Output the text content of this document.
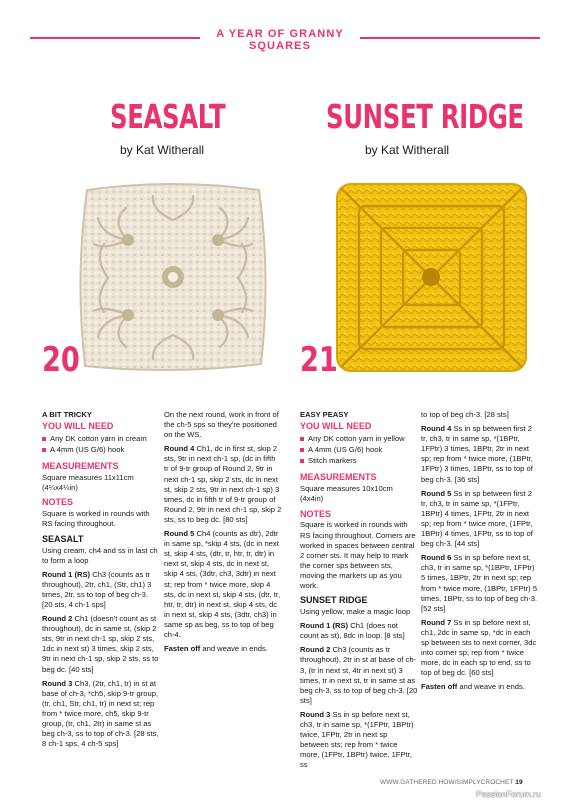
A YEAR OF GRANNY SQUARES
SEASALT
by Kat Witherall
SUNSET RIDGE
by Kat Witherall
20	21
A BIT TRICKY
YOU WILL NEED
Any DK cotton yarn in cream
A 4mm (US G/6) hook
MEASUREMENTS

Square measures 11x11cm (4¼x4¼in)

NOTES

Square is worked in rounds with RS facing throughout.

SEASALT

Using cream, ch4 and ss in last ch to form a loop

Round 1 (RS) Ch3 (counts as tr throughout), 2tr, ch1, (Str, ch1) 3 times, 2tr, ss to top of beg ch-3. [20 sts, 4 ch-1 sps]

Round 2 Ch1 (doesn't count as st throughout), dc in same st, (skip 2 sts, 9tr in next ch-1 sp, skip 2 sts, 1dc in next st) 3 times, skip 2 sts, 9tr in next ch-1 sp, skip 2 sts, ss to beg dc. [40 sts]

Round 3 Ch3, (2tr, ch1, tr) in st at base of ch-3, *ch5, skip 9-tr group, (tr, ch1, Str, ch1, tr) in next st; rep from * twice more, ch5, skip 9-tr group, (tr, ch1, 2tr) in same st as beg ch-3, ss to top of ch-3. [28 sts, 8 ch-1 sps, 4 ch-5 sps]

On the next round, work in front of the ch-5 sps so they're positioned on the WS.

Round 4 Ch1, dc in first st, skip 2 sts, 9tr in next ch-1 sp, (dc in fifth tr of 9-tr group of Round 2, 9tr in next ch-1 sp, skip 2 sts, dc in next st, skip 2 sts, 9tr in next ch-1 sp) 3 times, dc in fifth tr of 9-tr group of Round 2, 9tr in next ch-1 sp, skip 2 sts, ss to beg dc. [80 sts]

Round 5 Ch4 (counts as dtr), 2dtr in same sp, *skip 4 sts, (dc in next st, skip 4 sts, (dtr, tr, htr, tr, dtr) in next st, skip 4 sts, dc in next st, skip 4 sts, (3dtr, ch3, 3dtr) in next st; rep from * twice more, skip 4 sts, dc in next st, skip 4 sts, (dtr, tr, htr, tr, dtr) in next st, skip 4 sts, dc in next st, skip 4 sts, (3dtr, ch3) in same sp as beg, ss to top of beg ch-4.

Fasten off and weave in ends.

EASY PEASY
YOU WILL NEED
Any DK cotton yarn in yellow
A 4mm (US G/6) hook
Stitch markers
MEASUREMENTS

Square measures 10x10cm (4x4in)

NOTES

Square is worked in rounds with RS facing throughout. Corners are worked in spaces between central 2 corner sts. It may help to mark the corner sps between sts, moving the markers up as you work.

SUNSET RIDGE

Using yellow, make a magic loop

Round 1 (RS) Ch1 (does not count as st), 8dc in loop. [8 sts]

Round 2 Ch3 (counts as tr throughout), 2tr in st at base of ch-3, (tr in next st, 4tr in next st) 3 times, tr in next st, tr in same st as beg ch-3, ss to top of beg ch-3. [20 sts]

Round 3 Ss in sp before next st, ch3, tr in same sp, *(1FPtr, 1BPtr) twice, 1FPtr, 2tr in next sp between sts; rep from * twice more, (1FPtr, 1BPtr) twice, 1FPtr, ss

to top of beg ch-3. [28 sts]

Round 4 Ss in sp between first 2 tr, ch3, tr in same sp, *(1BPtr, 1FPtr) 3 times, 1BPtr, 2tr in next sp; rep from * twice more, (1BPtr, 1FPtr) 3 times, 1BPtr, ss to top of beg ch-3. [36 sts]

Round 5 Ss in sp between first 2 tr, ch3, tr in same sp, *(1FPtr, 1BPtr) 4 times, 1FPtr, 2tr in next sp; rep from * twice more, (1FPtr, 1BPtr) 4 times, 1FPtr, ss to top of beg ch-3. [44 sts]

Round 6 Ss in sp before next st, ch3, tr in same sp, *(1BPtr, 1FPtr) 5 times, 1BPtr, 2tr in next sp; rep from * twice more, (1BPtr, 1FPtr) 5 times, 1BPtr, ss to top of beg ch-3. [52 sts]

Round 7 Ss in sp before next st, ch1, 2dc in same sp, *dc in each sp between sts to next corner, 3dc into corner sp; rep from * twice more, dc in each sp to end, ss to top of beg dc. [60 sts]

Fasten off and weave in ends.

WWW.GATHERED.HOW/SIMPLYCROCHET 19
PassionForum.ru
